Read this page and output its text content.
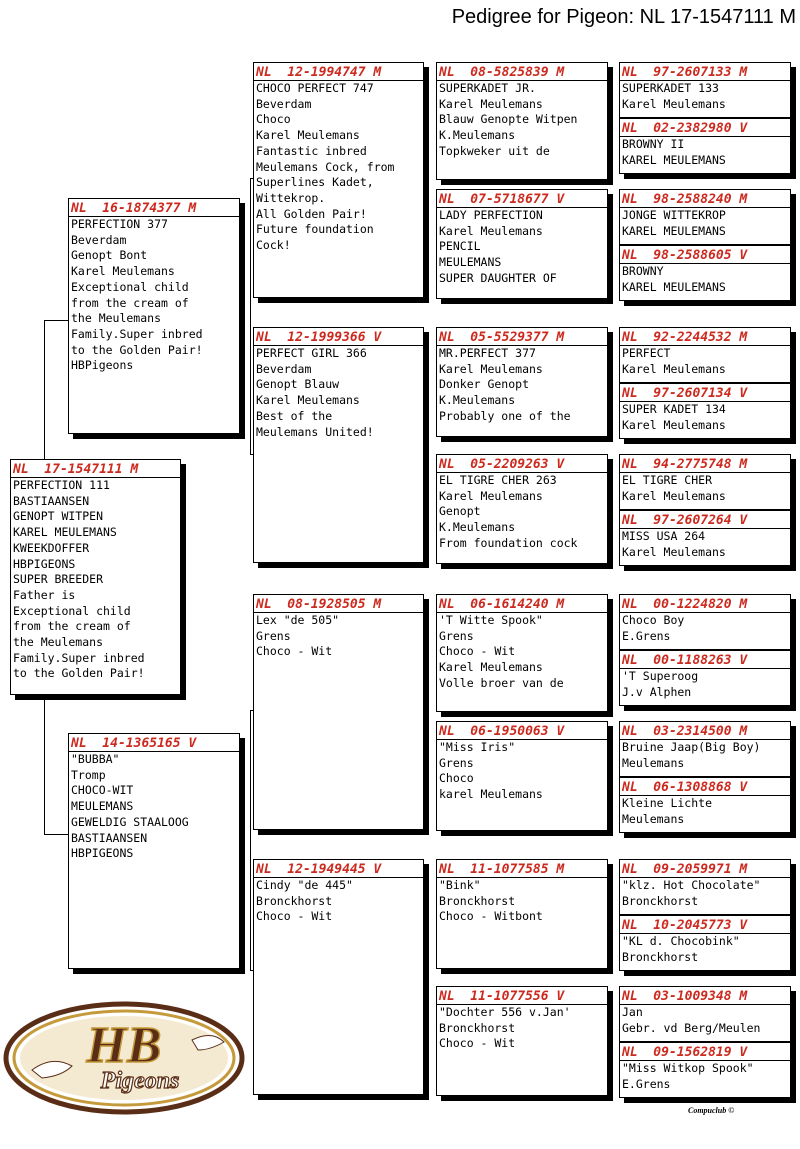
Pedigree for Pigeon: NL 17-1547111 M
NL  17-1547111 M
PERFECTION 111
BASTIAANSEN
GENOPT WITPEN
KAREL MEULEMANS
KWEEKDOFFER
HBPIGEONS
SUPER BREEDER
Father is
Exceptional child
from the cream of
the Meulemans
Family.Super inbred
to the Golden Pair!
NL  16-1874377 M
PERFECTION 377
Beverdam
Genopt Bont
Karel Meulemans
Exceptional child
from the cream of
the Meulemans
Family.Super inbred
to the Golden Pair!
HBPigeons
NL  14-1365165 V
"BUBBA"
Tromp
CHOCO-WIT
MEULEMANS
GEWELDIG STAALOOG
BASTIAANSEN
HBPIGEONS
NL  12-1994747 M
CHOCO PERFECT 747
Beverdam
Choco
Karel Meulemans
Fantastic inbred
Meulemans Cock, from
Superlines Kadet,
Wittekrop.
All Golden Pair!
Future foundation
Cock!
NL  12-1999366 V
PERFECT GIRL 366
Beverdam
Genopt Blauw
Karel Meulemans
Best of the
Meulemans United!
NL  08-1928505 M
Lex "de 505"
Grens
Choco - Wit
NL  12-1949445 V
Cindy "de 445"
Bronckhorst
Choco - Wit
NL  08-5825839 M
SUPERKADET JR.
Karel Meulemans
Blauw Genopte Witpen
K.Meulemans
Topkweker uit de
NL  07-5718677 V
LADY PERFECTION
Karel Meulemans
PENCIL
MEULEMANS
SUPER DAUGHTER OF
NL  05-5529377 M
MR.PERFECT 377
Karel Meulemans
Donker Genopt
K.Meulemans
Probably one of the
NL  05-2209263 V
EL TIGRE CHER 263
Karel Meulemans
Genopt
K.Meulemans
From foundation cock
NL  06-1614240 M
'T Witte Spook"
Grens
Choco - Wit
Karel Meulemans
Volle broer van de
NL  06-1950063 V
"Miss Iris"
Grens
Choco
karel Meulemans
NL  11-1077585 M
"Bink"
Bronckhorst
Choco - Witbont
NL  11-1077556 V
"Dochter 556 v.Jan'
Bronckhorst
Choco - Wit
NL  97-2607133 M
SUPERKADET 133
Karel Meulemans
NL  02-2382980 V
BROWNY II
KAREL MEULEMANS
NL  98-2588240 M
JONGE WITTEKROP
KAREL MEULEMANS
NL  98-2588605 V
BROWNY
KAREL MEULEMANS
NL  92-2244532 M
PERFECT
Karel Meulemans
NL  97-2607134 V
SUPER KADET 134
Karel Meulemans
NL  94-2775748 M
EL TIGRE CHER
Karel Meulemans
NL  97-2607264 V
MISS USA 264
Karel Meulemans
NL  00-1224820 M
Choco Boy
E.Grens
NL  00-1188263 V
'T Superoog
J.v Alphen
NL  03-2314500 M
Bruine Jaap(Big Boy)
Meulemans
NL  06-1308868 V
Kleine Lichte
Meulemans
NL  09-2059971 M
"klz. Hot Chocolate"
Bronckhorst
NL  10-2045773 V
"KL d. Chocobink"
Bronckhorst
NL  03-1009348 M
Jan
Gebr. vd Berg/Meulen
NL  09-1562819 V
"Miss Witkop Spook"
E.Grens
HB
Pigeons
Compuclub ©
